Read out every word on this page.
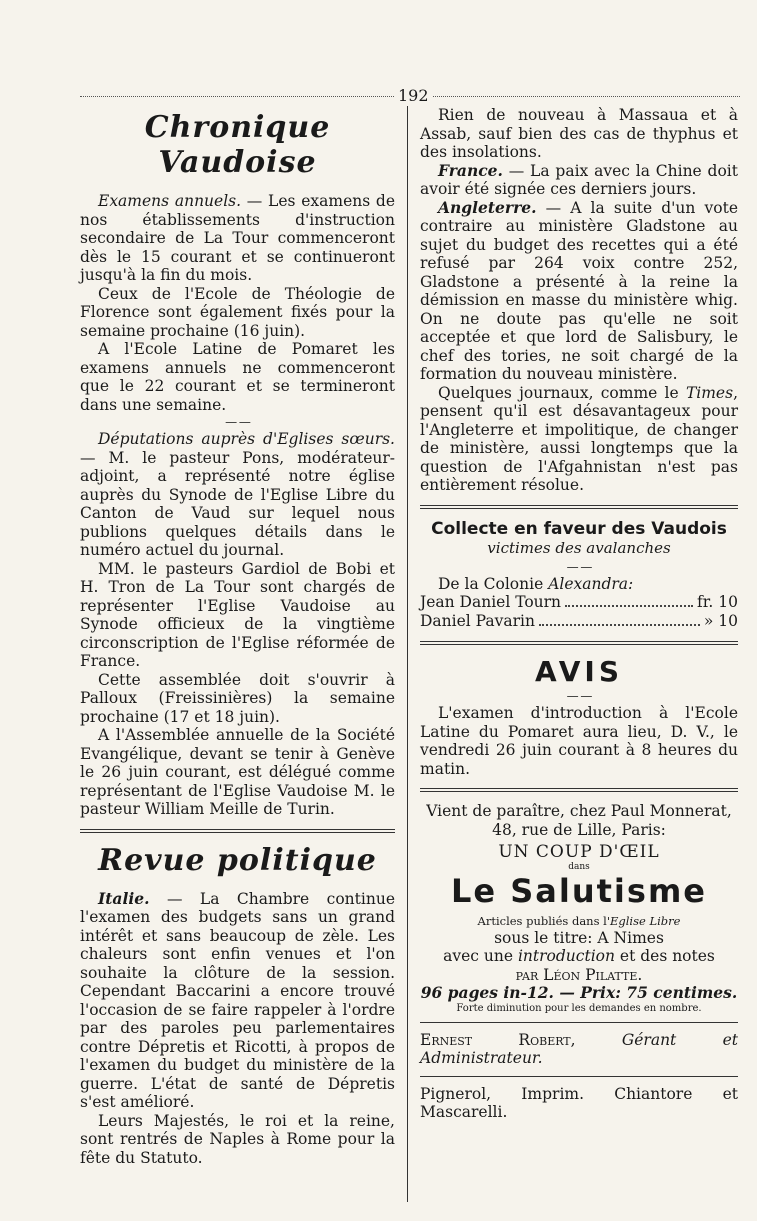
192
Chronique Vaudoise

Examens annuels. — Les examens de nos établissements d'instruction secondaire de La Tour commenceront dès le 15 courant et se continueront jusqu'à la fin du mois.

Ceux de l'Ecole de Théologie de Florence sont également fixés pour la semaine prochaine (16 juin).

A l'Ecole Latine de Pomaret les examens annuels ne commenceront que le 22 courant et se termineront dans une semaine.

— —

Députations auprès d'Eglises sœurs. — M. le pasteur Pons, modérateur-adjoint, a représenté notre église auprès du Synode de l'Eglise Libre du Canton de Vaud sur lequel nous publions quelques détails dans le numéro actuel du journal.

MM. le pasteurs Gardiol de Bobi et H. Tron de La Tour sont chargés de représenter l'Eglise Vaudoise au Synode officieux de la vingtième circonscription de l'Eglise réformée de France.

Cette assemblée doit s'ouvrir à Palloux (Freissinières) la semaine prochaine (17 et 18 juin).

A l'Assemblée annuelle de la Société Evangélique, devant se tenir à Genève le 26 juin courant, est délégué comme représentant de l'Eglise Vaudoise M. le pasteur William Meille de Turin.

Revue politique

Italie. — La Chambre continue l'examen des budgets sans un grand intérêt et sans beaucoup de zèle. Les chaleurs sont enfin venues et l'on souhaite la clôture de la session. Cependant Baccarini a encore trouvé l'occasion de se faire rappeler à l'ordre par des paroles peu parlementaires contre Dépretis et Ricotti, à propos de l'examen du budget du ministère de la guerre. L'état de santé de Dépretis s'est amélioré.

Leurs Majestés, le roi et la reine, sont rentrés de Naples à Rome pour la fête du Statuto.

Rien de nouveau à Massaua et à Assab, sauf bien des cas de thyphus et des insolations.

France. — La paix avec la Chine doit avoir été signée ces derniers jours.

Angleterre. — A la suite d'un vote contraire au ministère Gladstone au sujet du budget des recettes qui a été refusé par 264 voix contre 252, Gladstone a présenté à la reine la démission en masse du ministère whig. On ne doute pas qu'elle ne soit acceptée et que lord de Salisbury, le chef des tories, ne soit chargé de la formation du nouveau ministère.

Quelques journaux, comme le Times, pensent qu'il est désavantageux pour l'Angleterre et impolitique, de changer de ministère, aussi longtemps que la question de l'Afgahnistan n'est pas entièrement résolue.

Collecte en faveur des Vaudois
victimes des avalanches
— —

De la Colonie Alexandra:

Jean Daniel Tourn	fr. 10
Daniel Pavarin	» 10
AVIS
— —

L'examen d'introduction à l'Ecole Latine du Pomaret aura lieu, D. V., le vendredi 26 juin courant à 8 heures du matin.

Vient de paraître, chez Paul Monnerat,

48, rue de Lille, Paris:

UN COUP D'ŒIL

dans
Le Salutisme
Articles publiés dans l'Eglise Libre

sous le titre: A Nimes

avec une introduction et des notes

par Léon Pilatte.

96 pages in-12. — Prix: 75 centimes.

Forte diminution pour les demandes en nombre.

Ernest Robert, Gérant et Administrateur.

Pignerol, Imprim. Chiantore et Mascarelli.
